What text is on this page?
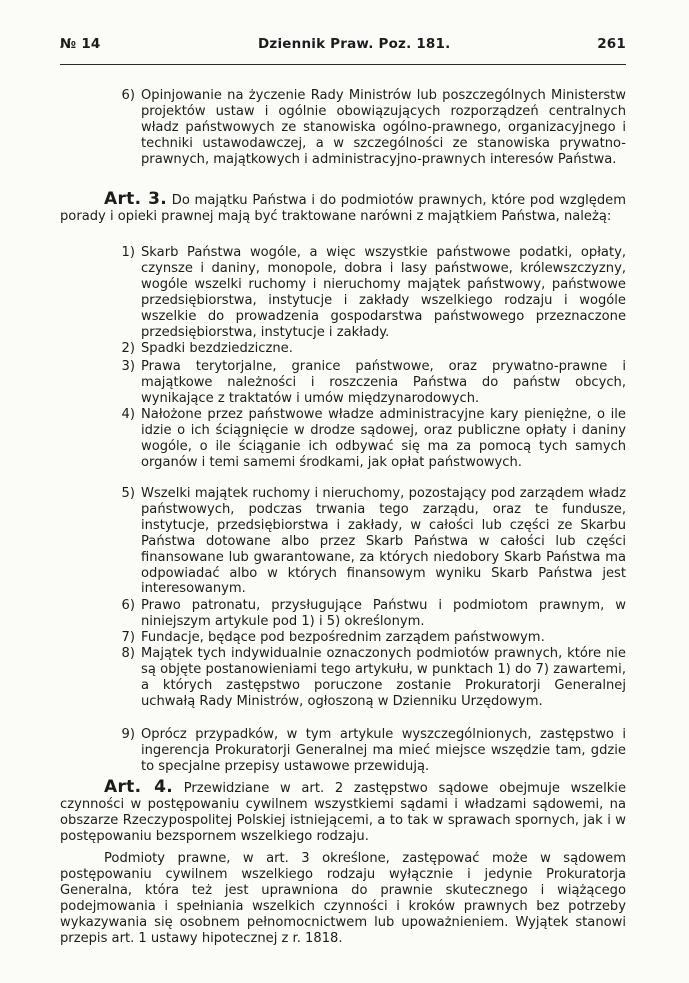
№ 14	Dziennik Praw. Poz. 181.	261
6) Opinjowanie na życzenie Rady Ministrów lub poszczególnych Ministerstw projektów ustaw i ogólnie obowiązujących rozporządzeń centralnych władz państwowych ze stanowiska ogólno-prawnego, organizacyjnego i techniki ustawodawczej, a w szczególności ze stanowiska prywatno-prawnych, majątkowych i administracyjno-prawnych interesów Państwa.
Art. 3. Do majątku Państwa i do podmiotów prawnych, które pod względem porady i opieki prawnej mają być traktowane narówni z majątkiem Państwa, należą:
1) Skarb Państwa wogóle, a więc wszystkie państwowe podatki, opłaty, czynsze i daniny, monopole, dobra i lasy państwowe, królewszczyzny, wogóle wszelki ruchomy i nieruchomy majątek państwowy, państwowe przedsiębiorstwa, instytucje i zakłady wszelkiego rodzaju i wogóle wszelkie do prowadzenia gospodarstwa państwowego przeznaczone przedsiębiorstwa, instytucje i zakłady.
2) Spadki bezdziedziczne.
3) Prawa terytorjalne, granice państwowe, oraz prywatno-prawne i majątkowe należności i roszczenia Państwa do państw obcych, wynikające z traktatów i umów międzynarodowych.
4) Nałożone przez państwowe władze administracyjne kary pieniężne, o ile idzie o ich ściągnięcie w drodze sądowej, oraz publiczne opłaty i daniny wogóle, o ile ściąganie ich odbywać się ma za pomocą tych samych organów i temi samemi środkami, jak opłat państwowych.
5) Wszelki majątek ruchomy i nieruchomy, pozostający pod zarządem władz państwowych, podczas trwania tego zarządu, oraz te fundusze, instytucje, przedsiębiorstwa i zakłady, w całości lub części ze Skarbu Państwa dotowane albo przez Skarb Państwa w całości lub części finansowane lub gwarantowane, za których niedobory Skarb Państwa ma odpowiadać albo w których finansowym wyniku Skarb Państwa jest interesowanym.
6) Prawo patronatu, przysługujące Państwu i podmiotom prawnym, w niniejszym artykule pod 1) i 5) określonym.
7) Fundacje, będące pod bezpośrednim zarządem państwowym.
8) Majątek tych indywidualnie oznaczonych podmiotów prawnych, które nie są objęte postanowieniami tego artykułu, w punktach 1) do 7) zawartemi, a których zastępstwo poruczone zostanie Prokuratorji Generalnej uchwałą Rady Ministrów, ogłoszoną w Dzienniku Urzędowym.
9) Oprócz przypadków, w tym artykule wyszczególnionych, zastępstwo i ingerencja Prokuratorji Generalnej ma mieć miejsce wszędzie tam, gdzie to specjalne przepisy ustawowe przewidują.
Art. 4. Przewidziane w art. 2 zastępstwo sądowe obejmuje wszelkie czynności w postępowaniu cywilnem wszystkiemi sądami i władzami sądowemi, na obszarze Rzeczypospolitej Polskiej istniejącemi, a to tak w sprawach spornych, jak i w postępowaniu bezspornem wszelkiego rodzaju.
Podmioty prawne, w art. 3 określone, zastępować może w sądowem postępowaniu cywilnem wszelkiego rodzaju wyłącznie i jedynie Prokuratorja Generalna, która też jest uprawniona do prawnie skutecznego i wiążącego podejmowania i spełniania wszelkich czynności i kroków prawnych bez potrzeby wykazywania się osobnem pełnomocnictwem lub upoważnieniem. Wyjątek stanowi przepis art. 1 ustawy hipotecznej z r. 1818.
